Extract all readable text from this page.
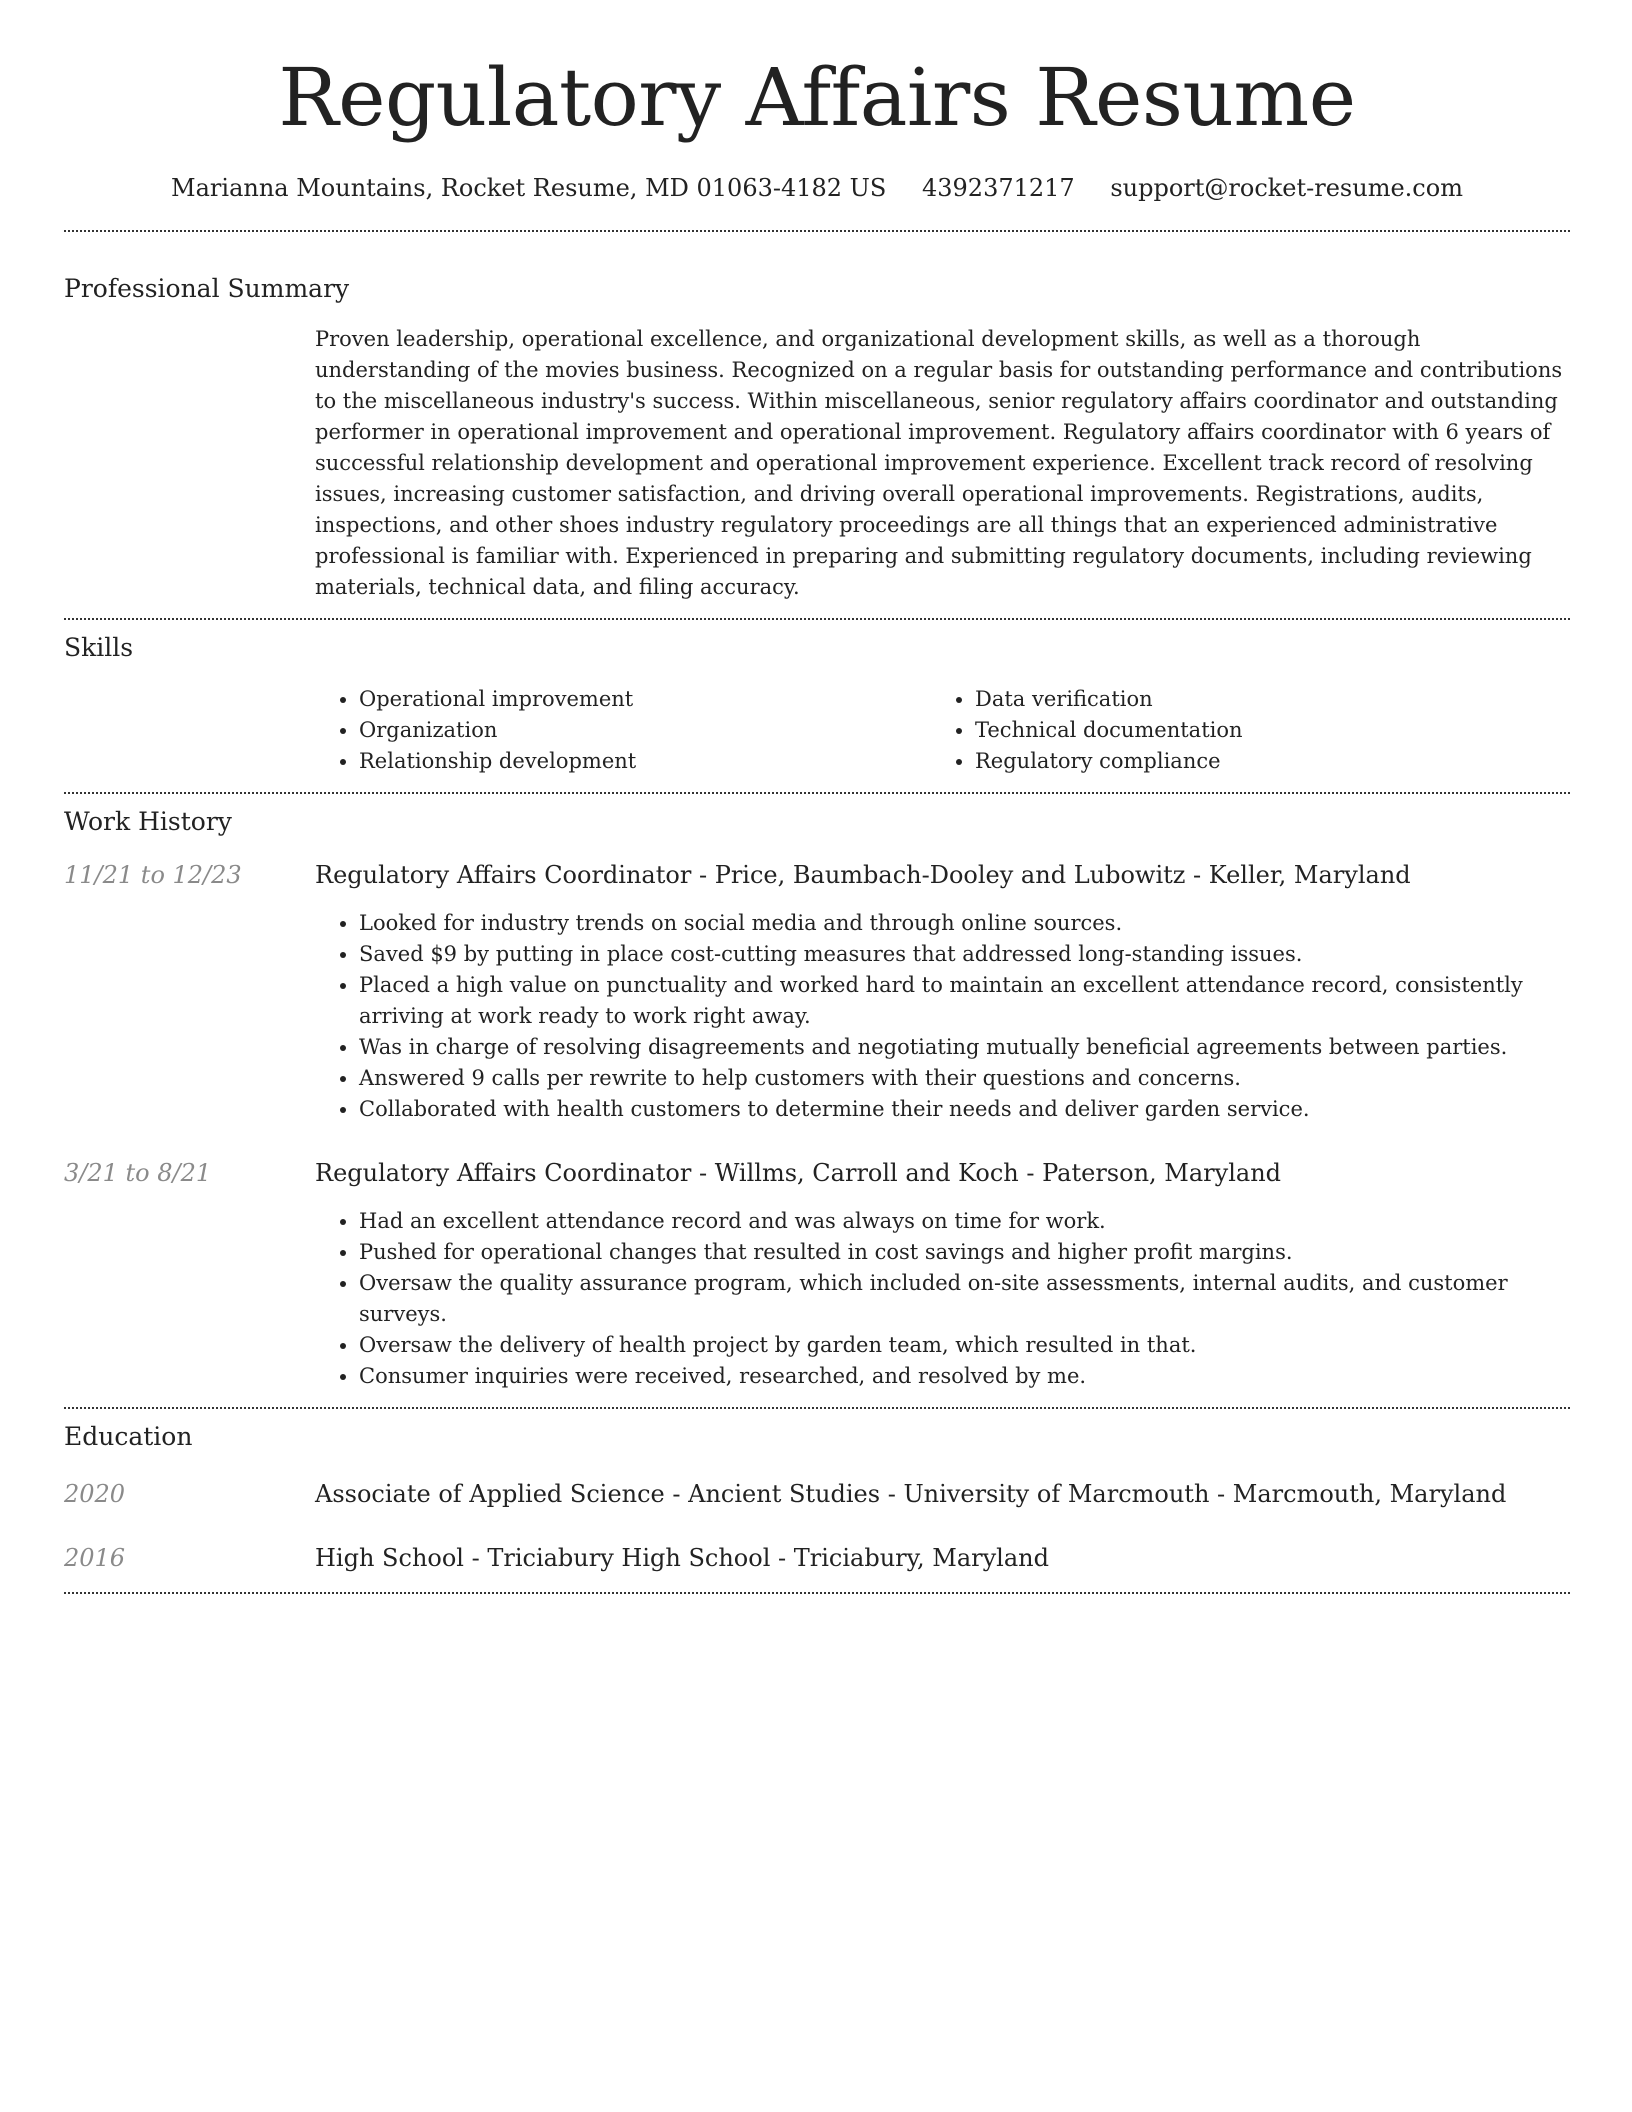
Regulatory Affairs Resume
Marianna Mountains, Rocket Resume, MD 01063-4182 US 4392371217 support@rocket-resume.com
Professional Summary

Proven leadership, operational excellence, and organizational development skills, as well as a thorough understanding of the movies business. Recognized on a regular basis for outstanding performance and contributions to the miscellaneous industry's success. Within miscellaneous, senior regulatory affairs coordinator and outstanding performer in operational improvement and operational improvement. Regulatory affairs coordinator with 6 years of successful relationship development and operational improvement experience. Excellent track record of resolving issues, increasing customer satisfaction, and driving overall operational improvements. Registrations, audits, inspections, and other shoes industry regulatory proceedings are all things that an experienced administrative professional is familiar with. Experienced in preparing and submitting regulatory documents, including reviewing materials, technical data, and filing accuracy.

Skills
• Operational improvement
• Organization
• Relationship development
• Data verification
• Technical documentation
• Regulatory compliance
Work History
11/21 to 12/23	Regulatory Affairs Coordinator - Price, Baumbach-Dooley and Lubowitz - Keller, Maryland
• Looked for industry trends on social media and through online sources.
• Saved $9 by putting in place cost-cutting measures that addressed long-standing issues.
• Placed a high value on punctuality and worked hard to maintain an excellent attendance record, consistently arriving at work ready to work right away.
• Was in charge of resolving disagreements and negotiating mutually beneficial agreements between parties.
• Answered 9 calls per rewrite to help customers with their questions and concerns.
• Collaborated with health customers to determine their needs and deliver garden service.
3/21 to 8/21	Regulatory Affairs Coordinator - Willms, Carroll and Koch - Paterson, Maryland
• Had an excellent attendance record and was always on time for work.
• Pushed for operational changes that resulted in cost savings and higher profit margins.
• Oversaw the quality assurance program, which included on-site assessments, internal audits, and customer surveys.
• Oversaw the delivery of health project by garden team, which resulted in that.
• Consumer inquiries were received, researched, and resolved by me.
Education
2020	Associate of Applied Science - Ancient Studies - University of Marcmouth - Marcmouth, Maryland
2016	High School - Triciabury High School - Triciabury, Maryland
